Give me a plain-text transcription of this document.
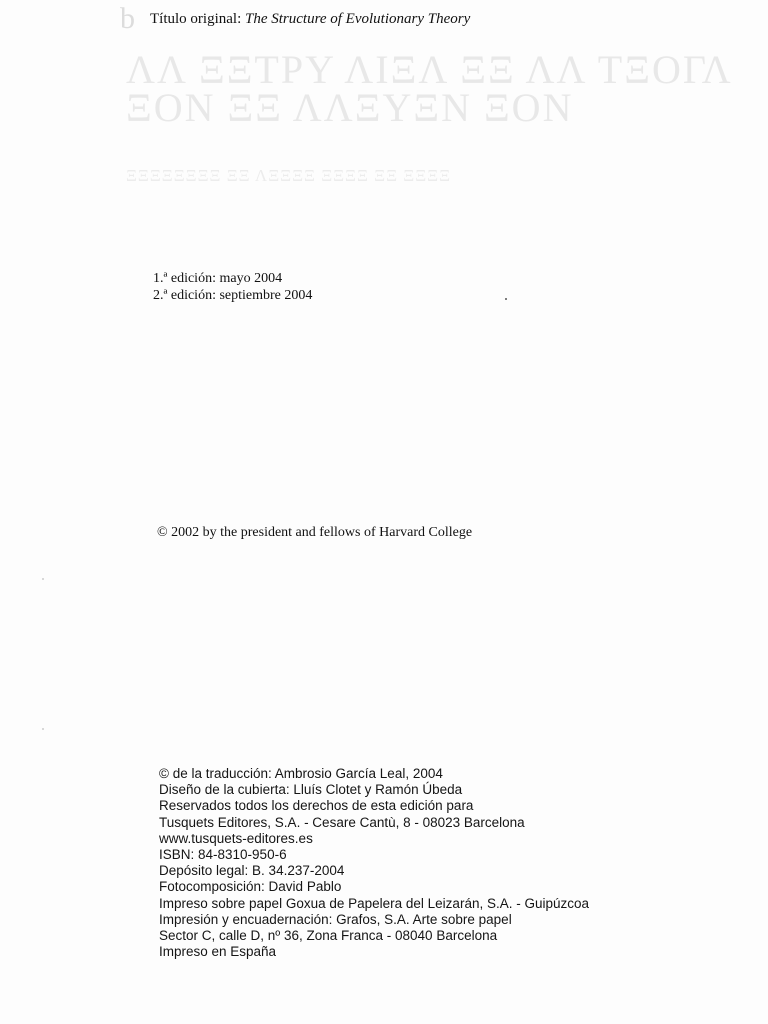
b
ΛΛ ΞΞΤΡΥ ΛΙΞΛ ΞΞ ΛΛ ΤΞΟΓΛ
ΞΟΝ ΞΞ ΛΛΞΥΞΝ ΞΟΝ
ΞΞΞΞΞΞΞΞ ΞΞ ΛΞΞΞΞ ΞΞΞΞ ΞΞ ΞΞΞΞ
Título original: The Structure of Evolutionary Theory
1.ª edición: mayo 2004
2.ª edición: septiembre 2004
© 2002 by the president and fellows of Harvard College
© de la traducción: Ambrosio García Leal, 2004
Diseño de la cubierta: Lluís Clotet y Ramón Úbeda
Reservados todos los derechos de esta edición para
Tusquets Editores, S.A. - Cesare Cantù, 8 - 08023 Barcelona
www.tusquets-editores.es
ISBN: 84-8310-950-6
Depósito legal: B. 34.237-2004
Fotocomposición: David Pablo
Impreso sobre papel Goxua de Papelera del Leizarán, S.A. - Guipúzcoa
Impresión y encuadernación: Grafos, S.A. Arte sobre papel
Sector C, calle D, nº 36, Zona Franca - 08040 Barcelona
Impreso en España
